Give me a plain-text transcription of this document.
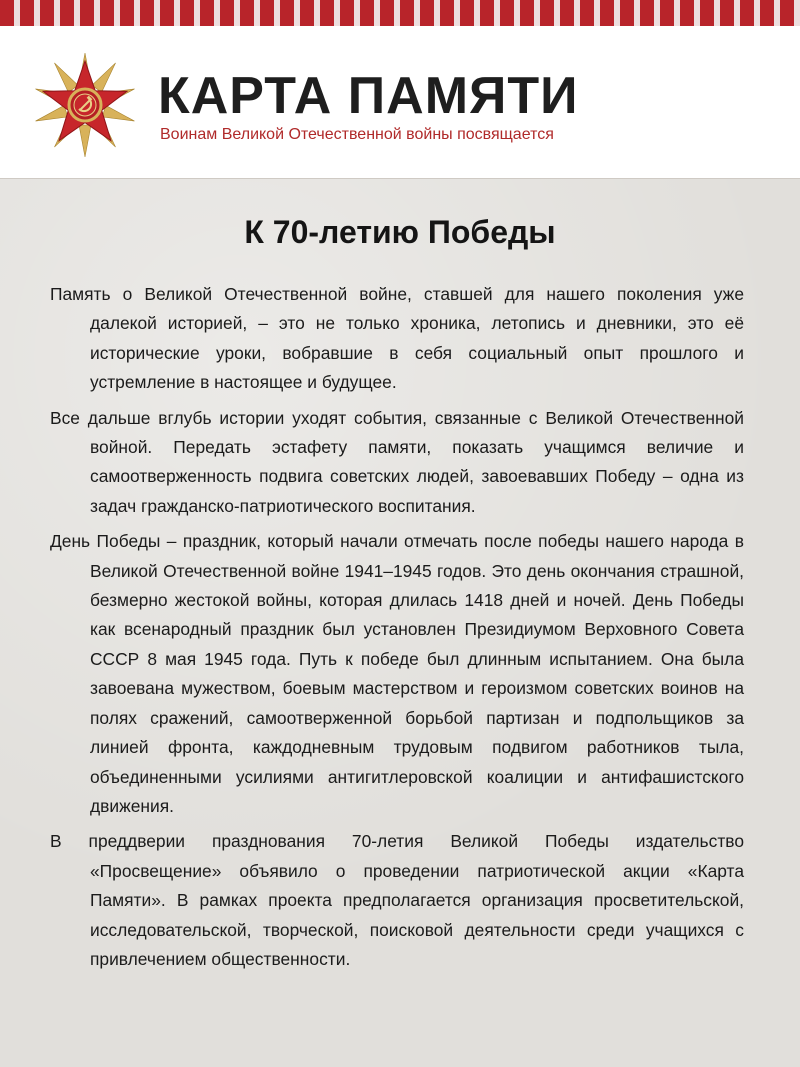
КАРТА ПАМЯТИ
Воинам Великой Отечественной войны посвящается
К 70-летию Победы

Память о Великой Отечественной войне, ставшей для нашего поколения уже далекой историей, – это не только хроника, летопись и дневники, это её исторические уроки, вобравшие в себя социальный опыт прошлого и устремление в настоящее и будущее.

Все дальше вглубь истории уходят события, связанные с Великой Отечественной войной. Передать эстафету памяти, показать учащимся величие и самоотверженность подвига советских людей, завоевавших Победу – одна из задач гражданско-патриотического воспитания.

День Победы – праздник, который начали отмечать после победы нашего народа в Великой Отечественной войне 1941–1945 годов. Это день окончания страшной, безмерно жестокой войны, которая длилась 1418 дней и ночей. День Победы как всенародный праздник был установлен Президиумом Верховного Совета СССР 8 мая 1945 года. Путь к победе был длинным испытанием. Она была завоевана мужеством, боевым мастерством и героизмом советских воинов на полях сражений, самоотверженной борьбой партизан и подпольщиков за линией фронта, каждодневным трудовым подвигом работников тыла, объединенными усилиями антигитлеровской коалиции и антифашистского движения.

В преддверии празднования 70-летия Великой Победы издательство «Просвещение» объявило о проведении патриотической акции «Карта Памяти». В рамках проекта предполагается организация просветительской, исследовательской, творческой, поисковой деятельности среди учащихся с привлечением общественности.
